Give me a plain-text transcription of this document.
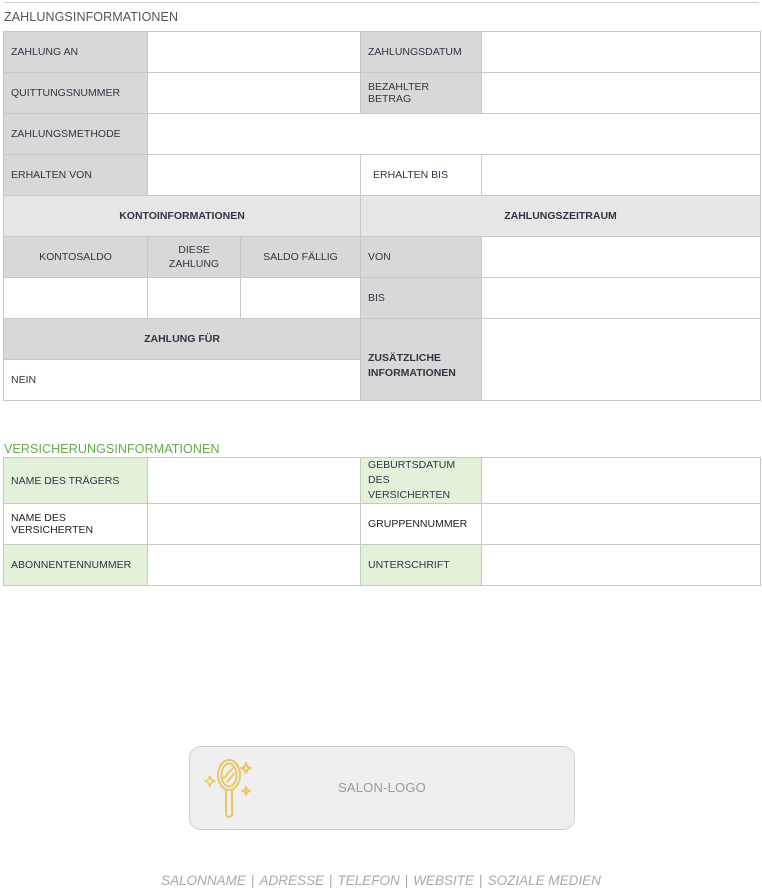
ZAHLUNGSINFORMATIONEN
ZAHLUNG AN			ZAHLUNGSDATUM	
QUITTUNGSNUMMER			BEZAHLTER BETRAG	
ZAHLUNGSMETHODE				
ERHALTEN VON			ERHALTEN BIS	
KONTOINFORMATIONEN			ZAHLUNGSZEITRAUM	
KONTOSALDO	DIESE ZAHLUNG	SALDO FÄLLIG	VON	
			BIS	
ZAHLUNG FÜR			ZUSÄTZLICHE INFORMATIONEN	
NEIN				
VERSICHERUNGSINFORMATIONEN
NAME DES TRÄGERS		GEBURTSDATUM DES VERSICHERTEN	
NAME DES VERSICHERTEN		GRUPPENNUMMER	
ABONNENTENNUMMER		UNTERSCHRIFT	
SALON-LOGO
SALONNAME | ADRESSE | TELEFON | WEBSITE | SOZIALE MEDIEN
